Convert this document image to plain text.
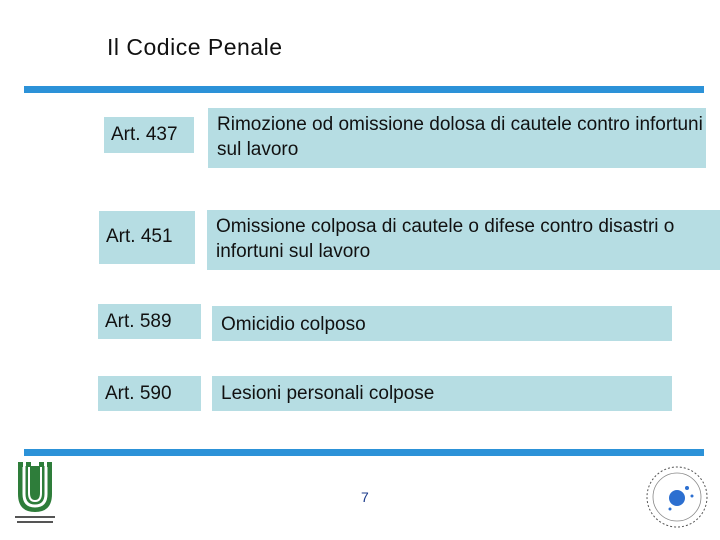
Il Codice Penale
Art. 437	Rimozione od omissione dolosa di cautele contro infortuni sul lavoro
Art. 451	Omissione colposa di cautele o difese contro disastri o infortuni sul lavoro
Art. 589	Omicidio colposo
Art. 590	Lesioni personali colpose
7
